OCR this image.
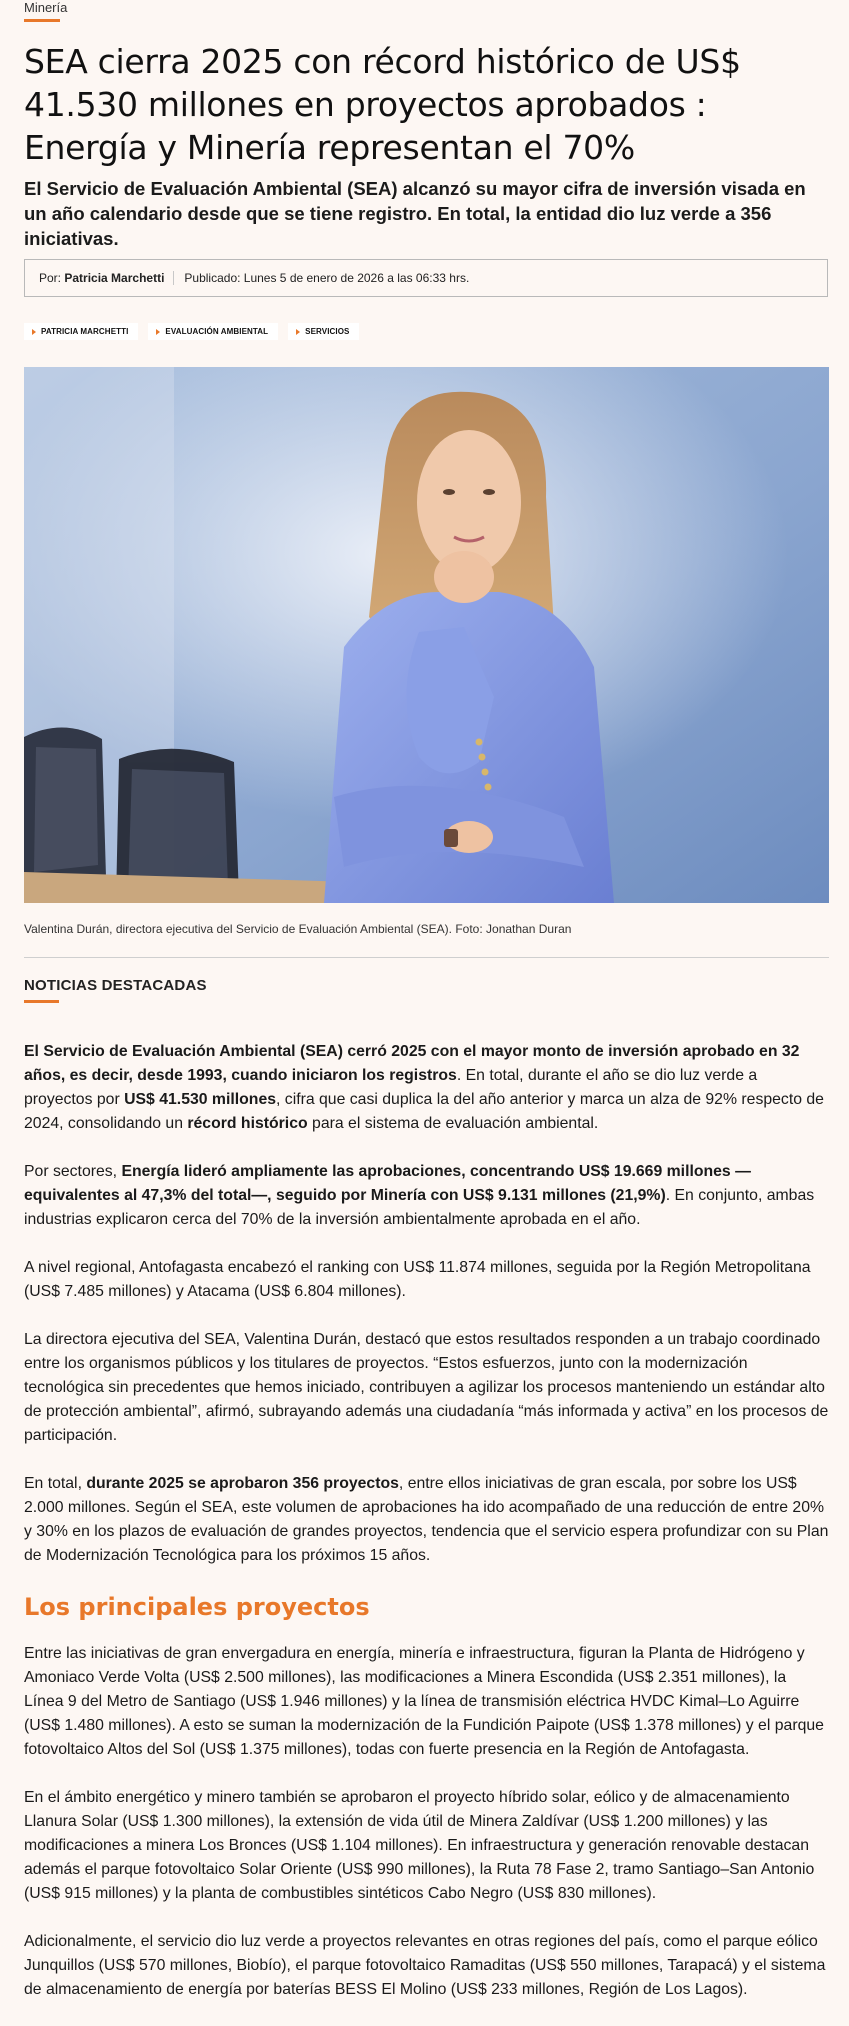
Minería
SEA cierra 2025 con récord histórico de US$ 41.530 millones en proyectos aprobados : Energía y Minería representan el 70%

El Servicio de Evaluación Ambiental (SEA) alcanzó su mayor cifra de inversión visada en un año calendario desde que se tiene registro. En total, la entidad dio luz verde a 356 iniciativas.

Por: Patricia Marchetti	Publicado: Lunes 5 de enero de 2026 a las 06:33 hrs.
PATRICIA MARCHETTI	EVALUACIÓN AMBIENTAL	SERVICIOS
Valentina Durán, directora ejecutiva del Servicio de Evaluación Ambiental (SEA). Foto: Jonathan Duran
NOTICIAS DESTACADAS

El Servicio de Evaluación Ambiental (SEA) cerró 2025 con el mayor monto de inversión aprobado en 32 años, es decir, desde 1993, cuando iniciaron los registros. En total, durante el año se dio luz verde a proyectos por US$ 41.530 millones, cifra que casi duplica la del año anterior y marca un alza de 92% respecto de 2024, consolidando un récord histórico para el sistema de evaluación ambiental.

Por sectores, Energía lideró ampliamente las aprobaciones, concentrando US$ 19.669 millones —equivalentes al 47,3% del total—, seguido por Minería con US$ 9.131 millones (21,9%). En conjunto, ambas industrias explicaron cerca del 70% de la inversión ambientalmente aprobada en el año.

A nivel regional, Antofagasta encabezó el ranking con US$ 11.874 millones, seguida por la Región Metropolitana (US$ 7.485 millones) y Atacama (US$ 6.804 millones).

La directora ejecutiva del SEA, Valentina Durán, destacó que estos resultados responden a un trabajo coordinado entre los organismos públicos y los titulares de proyectos. “Estos esfuerzos, junto con la modernización tecnológica sin precedentes que hemos iniciado, contribuyen a agilizar los procesos manteniendo un estándar alto de protección ambiental”, afirmó, subrayando además una ciudadanía “más informada y activa” en los procesos de participación.

En total, durante 2025 se aprobaron 356 proyectos, entre ellos iniciativas de gran escala, por sobre los US$ 2.000 millones. Según el SEA, este volumen de aprobaciones ha ido acompañado de una reducción de entre 20% y 30% en los plazos de evaluación de grandes proyectos, tendencia que el servicio espera profundizar con su Plan de Modernización Tecnológica para los próximos 15 años.

Los principales proyectos

Entre las iniciativas de gran envergadura en energía, minería e infraestructura, figuran la Planta de Hidrógeno y Amoniaco Verde Volta (US$ 2.500 millones), las modificaciones a Minera Escondida (US$ 2.351 millones), la Línea 9 del Metro de Santiago (US$ 1.946 millones) y la línea de transmisión eléctrica HVDC Kimal–Lo Aguirre (US$ 1.480 millones). A esto se suman la modernización de la Fundición Paipote (US$ 1.378 millones) y el parque fotovoltaico Altos del Sol (US$ 1.375 millones), todas con fuerte presencia en la Región de Antofagasta.

En el ámbito energético y minero también se aprobaron el proyecto híbrido solar, eólico y de almacenamiento Llanura Solar (US$ 1.300 millones), la extensión de vida útil de Minera Zaldívar (US$ 1.200 millones) y las modificaciones a minera Los Bronces (US$ 1.104 millones). En infraestructura y generación renovable destacan además el parque fotovoltaico Solar Oriente (US$ 990 millones), la Ruta 78 Fase 2, tramo Santiago–San Antonio (US$ 915 millones) y la planta de combustibles sintéticos Cabo Negro (US$ 830 millones).

Adicionalmente, el servicio dio luz verde a proyectos relevantes en otras regiones del país, como el parque eólico Junquillos (US$ 570 millones, Biobío), el parque fotovoltaico Ramaditas (US$ 550 millones, Tarapacá) y el sistema de almacenamiento de energía por baterías BESS El Molino (US$ 233 millones, Región de Los Lagos).
